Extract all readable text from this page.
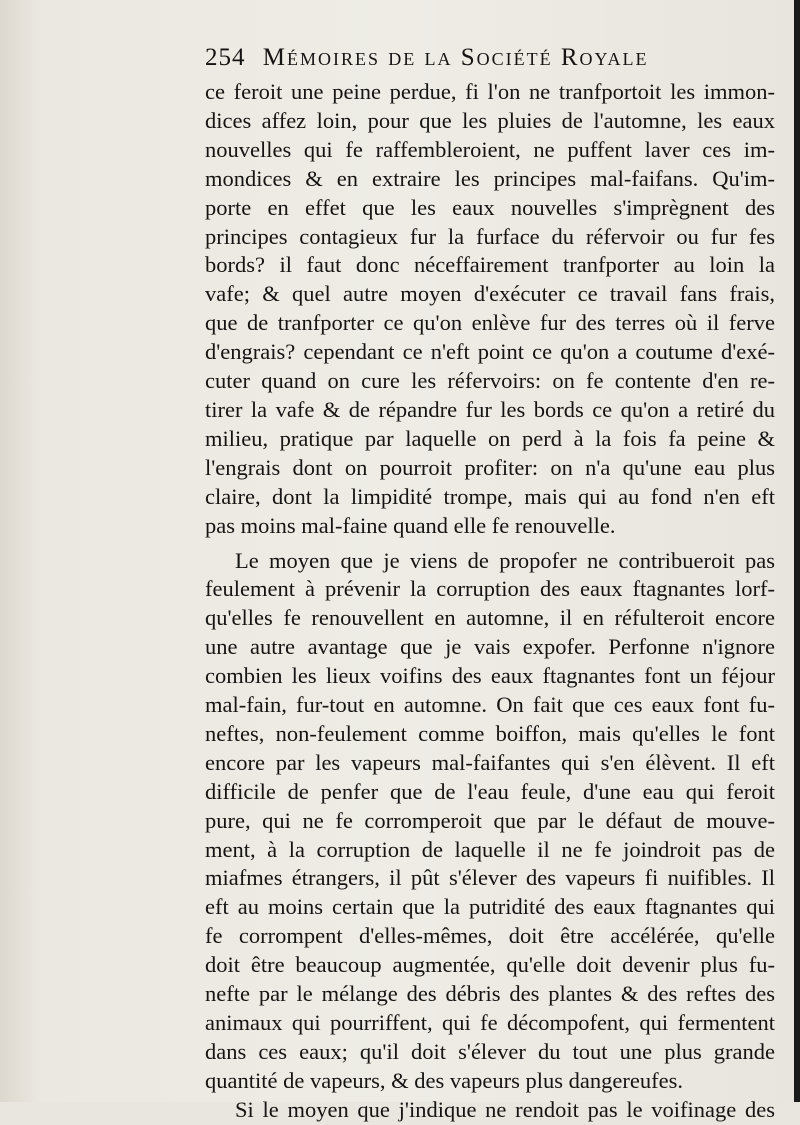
254 Mémoires de la Société Royale
ce feroit une peine perdue, fi l'on ne tranfportoit les immon-
dices affez loin, pour que les pluies de l'automne, les eaux
nouvelles qui fe raffembleroient, ne puffent laver ces im-
mondices & en extraire les principes mal-faifans. Qu'im-
porte en effet que les eaux nouvelles s'imprègnent des
principes contagieux fur la furface du réfervoir ou fur fes
bords? il faut donc néceffairement tranfporter au loin la
vafe; & quel autre moyen d'exécuter ce travail fans frais,
que de tranfporter ce qu'on enlève fur des terres où il ferve
d'engrais? cependant ce n'eft point ce qu'on a coutume d'exé-
cuter quand on cure les réfervoirs: on fe contente d'en re-
tirer la vafe & de répandre fur les bords ce qu'on a retiré du
milieu, pratique par laquelle on perd à la fois fa peine &
l'engrais dont on pourroit profiter: on n'a qu'une eau plus
claire, dont la limpidité trompe, mais qui au fond n'en eft
pas moins mal-faine quand elle fe renouvelle.
Le moyen que je viens de propofer ne contribueroit pas
feulement à prévenir la corruption des eaux ftagnantes lorf-
qu'elles fe renouvellent en automne, il en réfulteroit encore
une autre avantage que je vais expofer. Perfonne n'ignore
combien les lieux voifins des eaux ftagnantes font un féjour
mal-fain, fur-tout en automne. On fait que ces eaux font fu-
neftes, non-feulement comme boiffon, mais qu'elles le font
encore par les vapeurs mal-faifantes qui s'en élèvent. Il eft
difficile de penfer que de l'eau feule, d'une eau qui feroit
pure, qui ne fe corromperoit que par le défaut de mouve-
ment, à la corruption de laquelle il ne fe joindroit pas de
miafmes étrangers, il pût s'élever des vapeurs fi nuifibles. Il
eft au moins certain que la putridité des eaux ftagnantes qui
fe corrompent d'elles-mêmes, doit être accélérée, qu'elle
doit être beaucoup augmentée, qu'elle doit devenir plus fu-
nefte par le mélange des débris des plantes & des reftes des
animaux qui pourriffent, qui fe décompofent, qui fermentent
dans ces eaux; qu'il doit s'élever du tout une plus grande
quantité de vapeurs, & des vapeurs plus dangereufes.
Si le moyen que j'indique ne rendoit pas le voifinage des
